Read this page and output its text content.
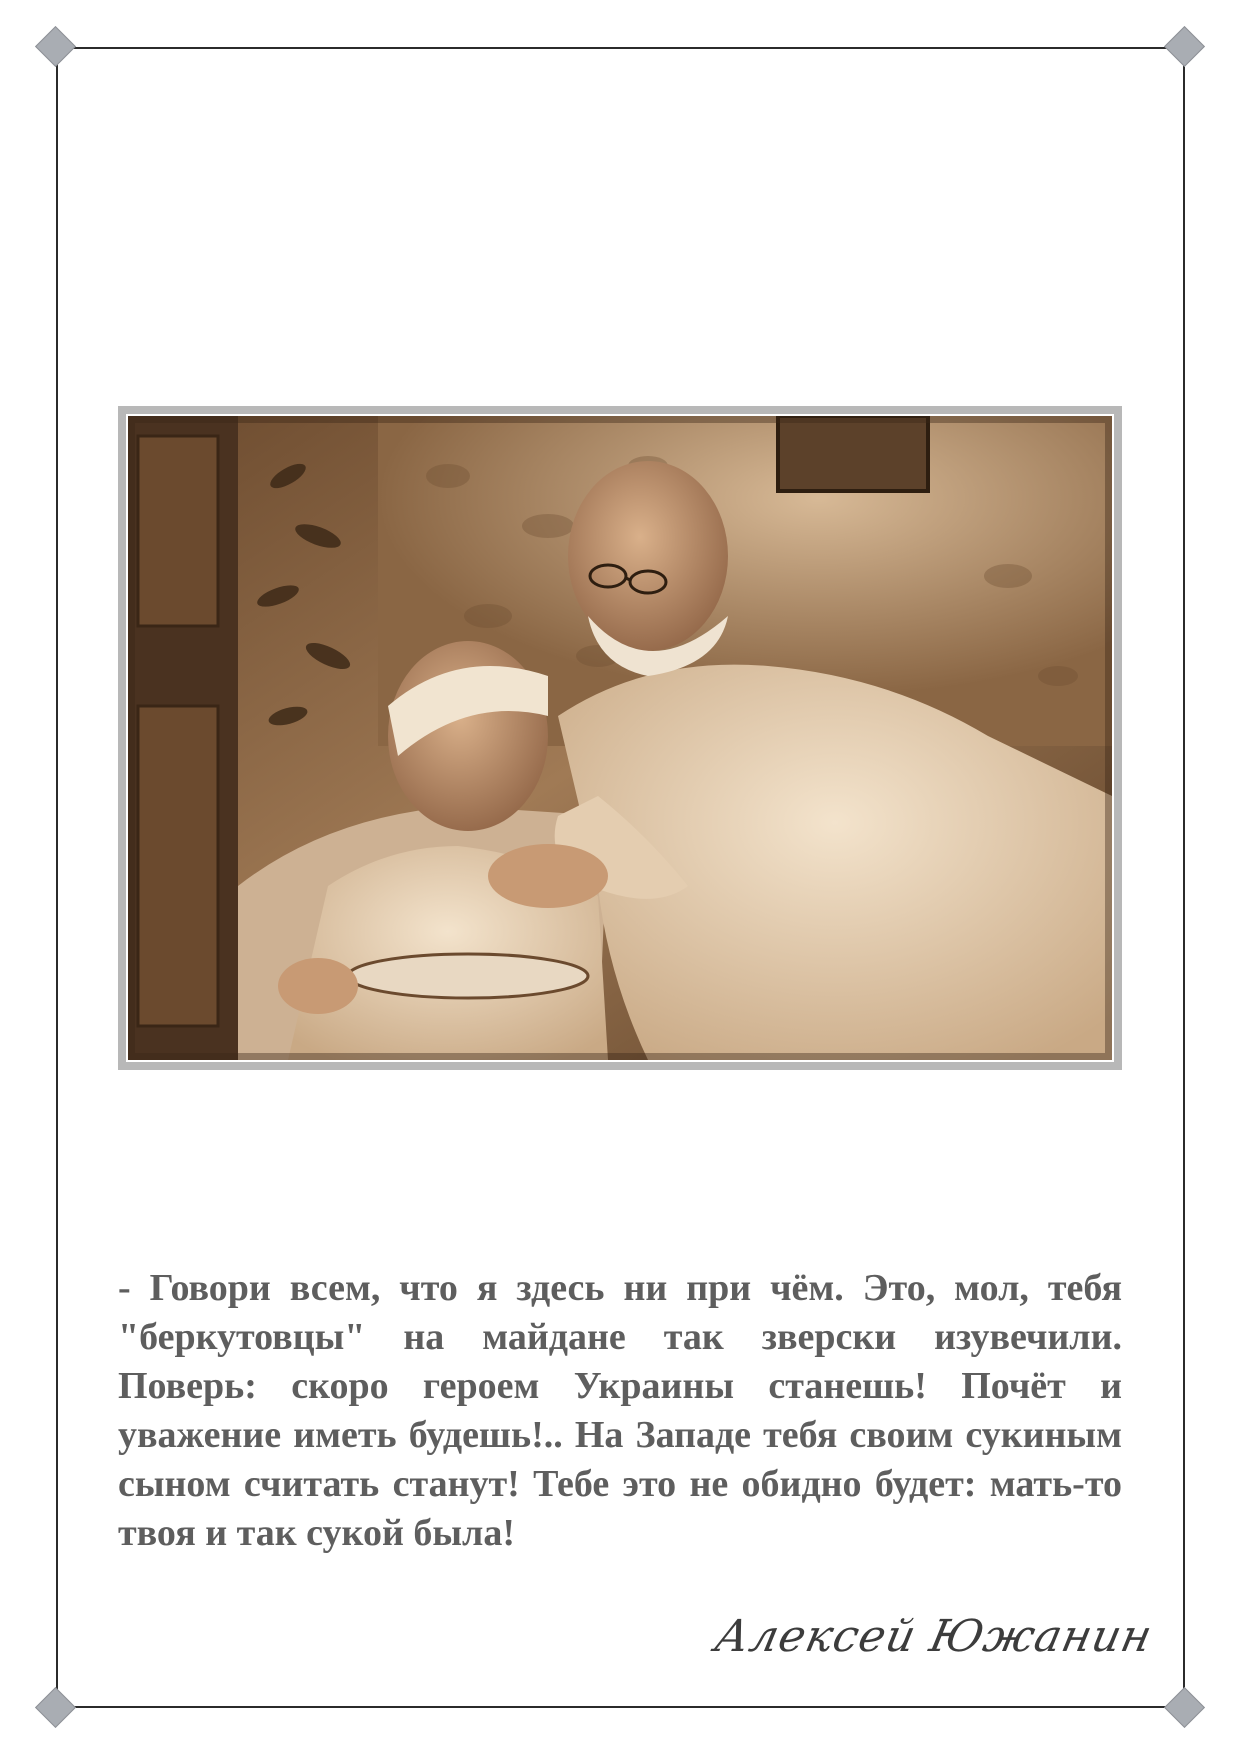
- Говори всем, что я здесь ни при чём. Это, мол, тебя "беркутовцы" на майдане так зверски изувечили. Поверь: скоро героем Украины станешь! Почёт и уважение иметь будешь!.. На Западе тебя своим сукиным сыном считать станут! Тебе это не обидно будет: мать-то твоя и так сукой была!

Алексей Южанин
